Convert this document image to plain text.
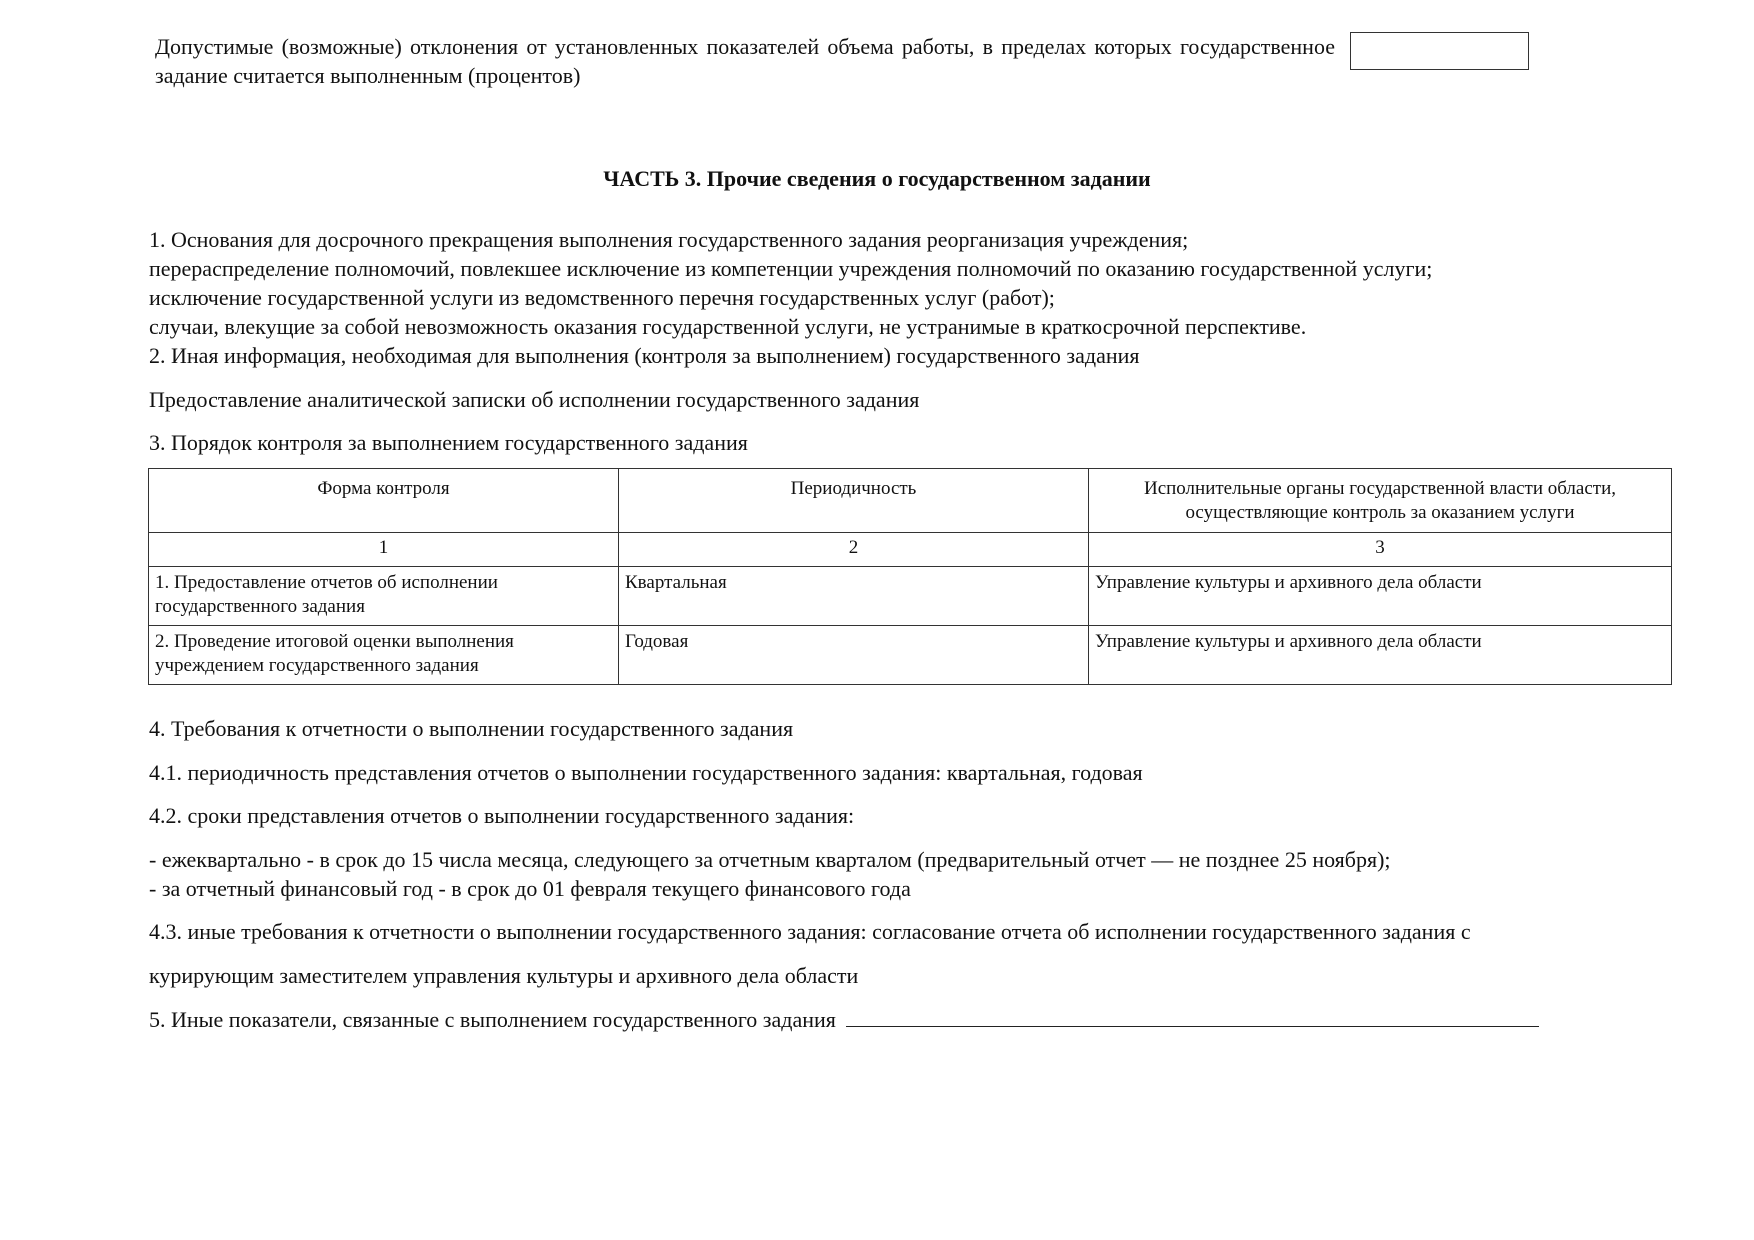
Допустимые (возможные) отклонения от установленных показателей объема работы, в пределах которых государственное задание считается выполненным (процентов)
ЧАСТЬ 3. Прочие сведения о государственном задании
1. Основания для досрочного прекращения выполнения государственного задания реорганизация учреждения;
перераспределение полномочий, повлекшее исключение из компетенции учреждения полномочий по оказанию государственной услуги;
исключение государственной услуги из ведомственного перечня государственных услуг (работ);
случаи, влекущие за собой невозможность оказания государственной услуги, не устранимые в краткосрочной перспективе.
2. Иная информация, необходимая для выполнения (контроля за выполнением) государственного задания
Предоставление аналитической записки об исполнении государственного задания
3. Порядок контроля за выполнением государственного задания
Форма контроля	Периодичность	Исполнительные органы государственной власти области, осуществляющие контроль за оказанием услуги
1	2	3
1. Предоставление отчетов об исполнении государственного задания	Квартальная	Управление культуры и архивного дела области
2. Проведение итоговой оценки выполнения учреждением государственного задания	Годовая	Управление культуры и архивного дела области
4. Требования к отчетности о выполнении государственного задания
4.1. периодичность представления отчетов о выполнении государственного задания: квартальная, годовая
4.2. сроки представления отчетов о выполнении государственного задания:
- ежеквартально - в срок до 15 числа месяца, следующего за отчетным кварталом (предварительный отчет — не позднее 25 ноября);
- за отчетный финансовый год - в срок до 01 февраля текущего финансового года
4.3. иные требования к отчетности о выполнении государственного задания: согласование отчета об исполнении государственного задания с
курирующим заместителем управления культуры и архивного дела области
5. Иные показатели, связанные с выполнением государственного задания
